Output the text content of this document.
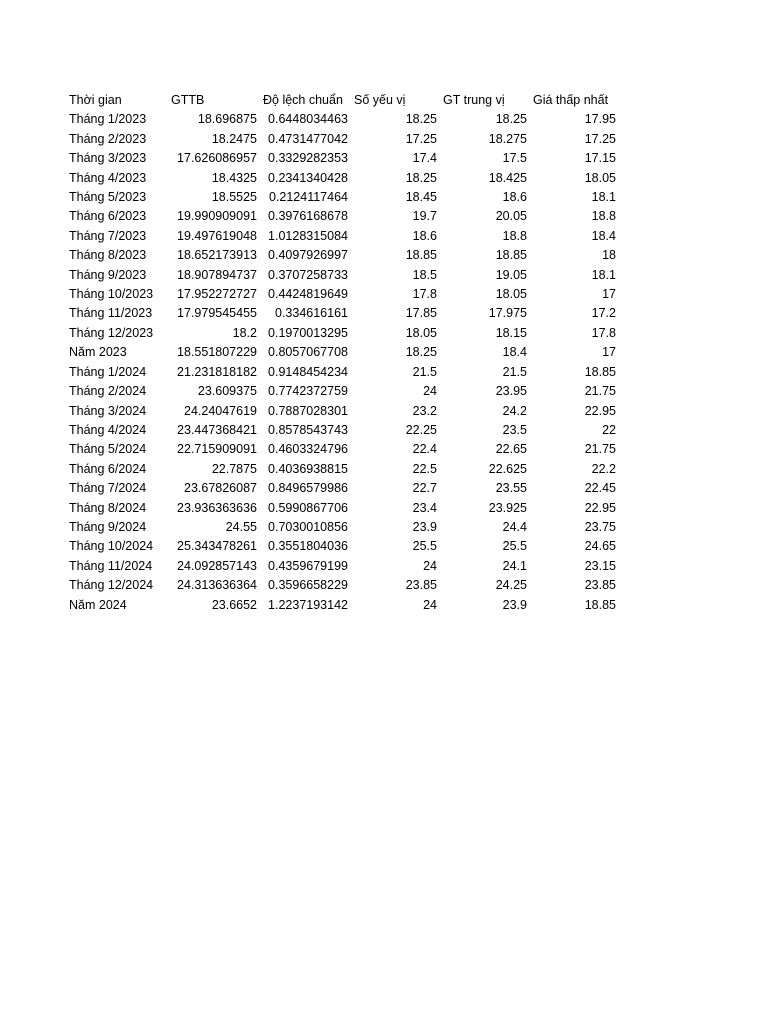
Thời gian	GTTB	Độ lệch chuẩn	Số yếu vị	GT trung vị	Giá thấp nhất
Tháng 1/2023	18.696875	0.6448034463	18.25	18.25	17.95
Tháng 2/2023	18.2475	0.4731477042	17.25	18.275	17.25
Tháng 3/2023	17.626086957	0.3329282353	17.4	17.5	17.15
Tháng 4/2023	18.4325	0.2341340428	18.25	18.425	18.05
Tháng 5/2023	18.5525	0.2124117464	18.45	18.6	18.1
Tháng 6/2023	19.990909091	0.3976168678	19.7	20.05	18.8
Tháng 7/2023	19.497619048	1.0128315084	18.6	18.8	18.4
Tháng 8/2023	18.652173913	0.4097926997	18.85	18.85	18
Tháng 9/2023	18.907894737	0.3707258733	18.5	19.05	18.1
Tháng 10/2023	17.952272727	0.4424819649	17.8	18.05	17
Tháng 11/2023	17.979545455	0.334616161	17.85	17.975	17.2
Tháng 12/2023	18.2	0.1970013295	18.05	18.15	17.8
Năm 2023	18.551807229	0.8057067708	18.25	18.4	17
Tháng 1/2024	21.231818182	0.9148454234	21.5	21.5	18.85
Tháng 2/2024	23.609375	0.7742372759	24	23.95	21.75
Tháng 3/2024	24.24047619	0.7887028301	23.2	24.2	22.95
Tháng 4/2024	23.447368421	0.8578543743	22.25	23.5	22
Tháng 5/2024	22.715909091	0.4603324796	22.4	22.65	21.75
Tháng 6/2024	22.7875	0.4036938815	22.5	22.625	22.2
Tháng 7/2024	23.67826087	0.8496579986	22.7	23.55	22.45
Tháng 8/2024	23.936363636	0.5990867706	23.4	23.925	22.95
Tháng 9/2024	24.55	0.7030010856	23.9	24.4	23.75
Tháng 10/2024	25.343478261	0.3551804036	25.5	25.5	24.65
Tháng 11/2024	24.092857143	0.4359679199	24	24.1	23.15
Tháng 12/2024	24.313636364	0.3596658229	23.85	24.25	23.85
Năm 2024	23.6652	1.2237193142	24	23.9	18.85
